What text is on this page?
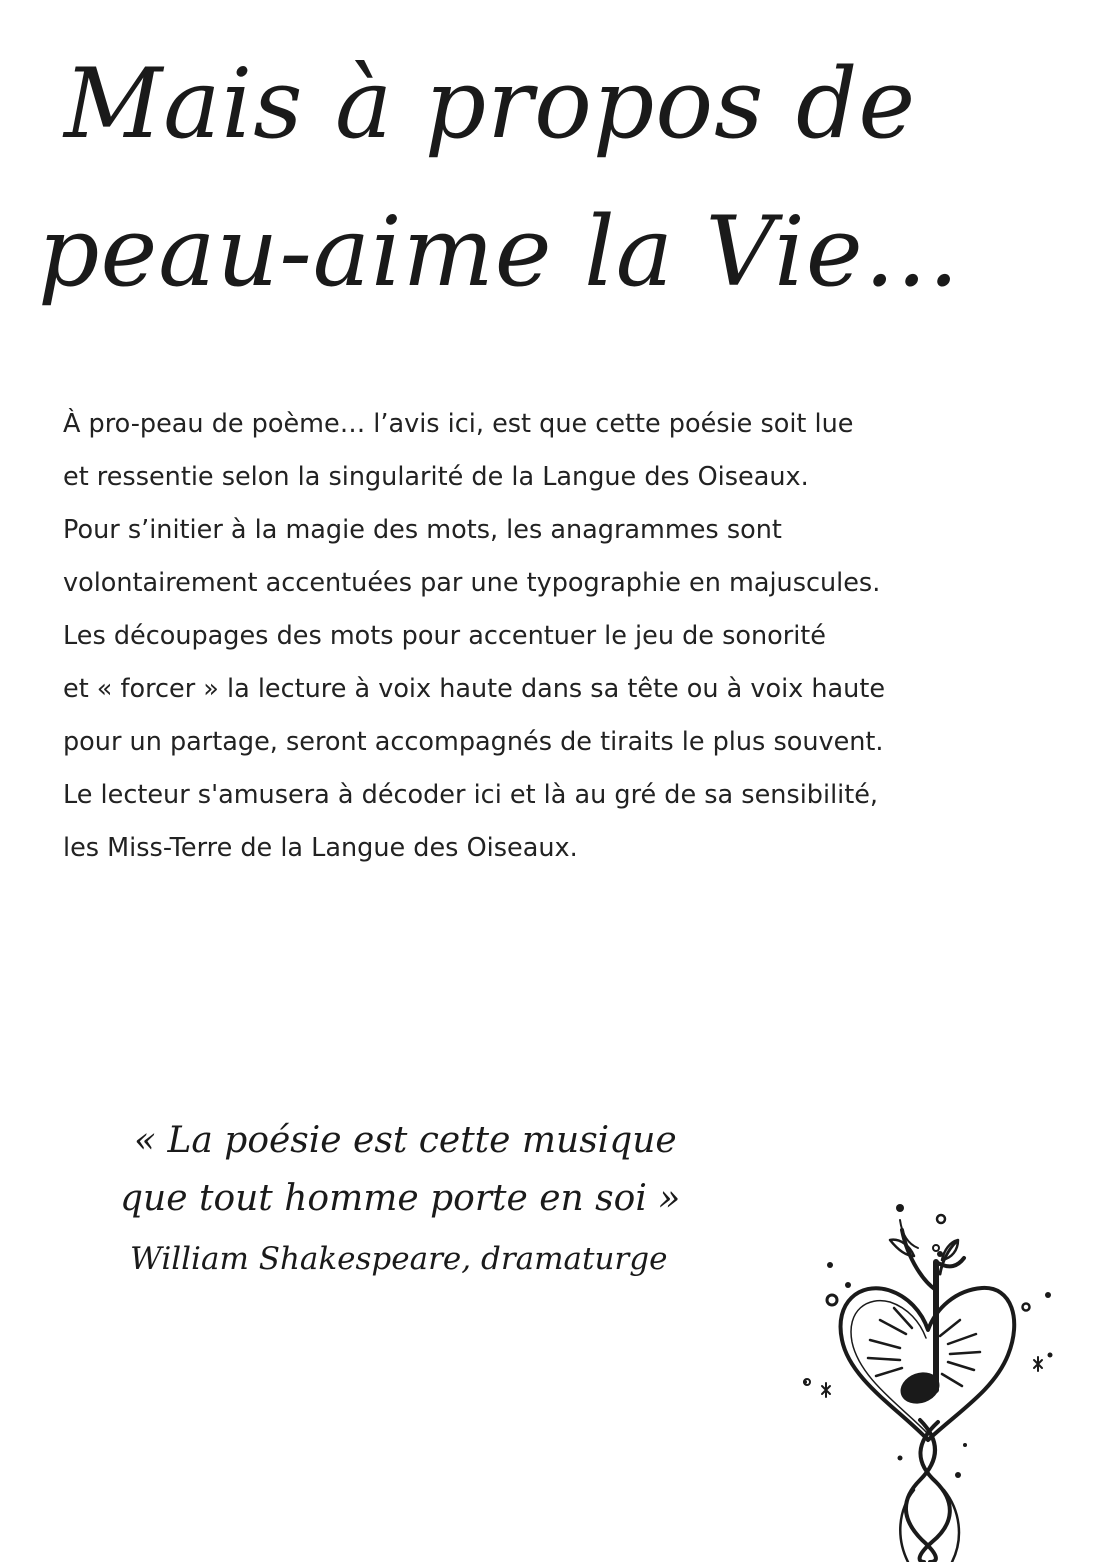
Mais à propos de
peau-aime la Vie…
À pro-peau de poème… l’avis ici, est que cette poésie soit lue
et ressentie selon la singularité de la Langue des Oiseaux.
Pour s’initier à la magie des mots, les anagrammes sont
volontairement accentuées par une typographie en majuscules.
Les découpages des mots pour accentuer le jeu de sonorité
et « forcer » la lecture à voix haute dans sa tête ou à voix haute
pour un partage, seront accompagnés de tiraits le plus souvent.
Le lecteur s'amusera à décoder ici et là au gré de sa sensibilité,
les Miss-Terre de la Langue des Oiseaux.
« La poésie est cette musique
que tout homme porte en soi »
William Shakespeare, dramaturge
